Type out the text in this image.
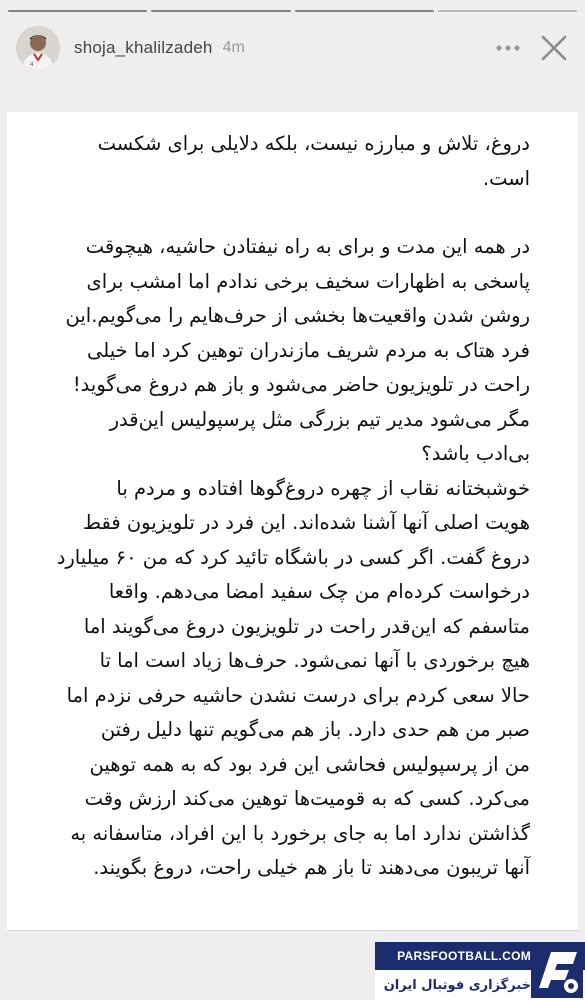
4
shoja_khalilzadeh 4m

دروغ، تلاش و مبارزه نیست، بلکه دلایلی برای شکست
است.

در همه این مدت و برای به راه نیفتادن حاشیه، هیچوقت
پاسخی به اظهارات سخیف برخی ندادم اما امشب برای
روشن شدن واقعیت‌ها بخشی از حرف‌هایم را می‌گویم.این
فرد هتاک به مردم شریف مازندران توهین کرد اما خیلی
راحت در تلویزیون حاضر می‌شود و باز هم دروغ می‌گوید!
مگر می‌شود مدیر تیم بزرگی مثل پرسپولیس این‌قدر
بی‌ادب باشد؟
خوشبختانه نقاب از چهره دروغ‌گوها افتاده و مردم با
هویت اصلی آنها آشنا شده‌اند. این فرد در تلویزیون فقط
دروغ گفت. اگر کسی در باشگاه تائید کرد که من ۶۰ میلیارد
درخواست کرده‌ام من چک سفید امضا می‌دهم. واقعا
متاسفم که این‌قدر راحت در تلویزیون دروغ می‌گویند اما
هیچ برخوردی با آنها نمی‌شود. حرف‌ها زیاد است اما تا
حالا سعی کردم برای درست نشدن حاشیه حرفی نزدم اما
صبر من هم حدی دارد. باز هم می‌گویم تنها دلیل رفتن
من از پرسپولیس فحاشی این فرد بود که به همه توهین
می‌کرد. کسی که به قومیت‌ها توهین می‌کند ارزش وقت
گذاشتن ندارد اما به جای برخورد با این افراد، متاسفانه به
آنها تریبون می‌دهند تا باز هم خیلی راحت، دروغ بگویند.

PARSFOOTBALL.COM
خبرگزاری فوتبال ایران
